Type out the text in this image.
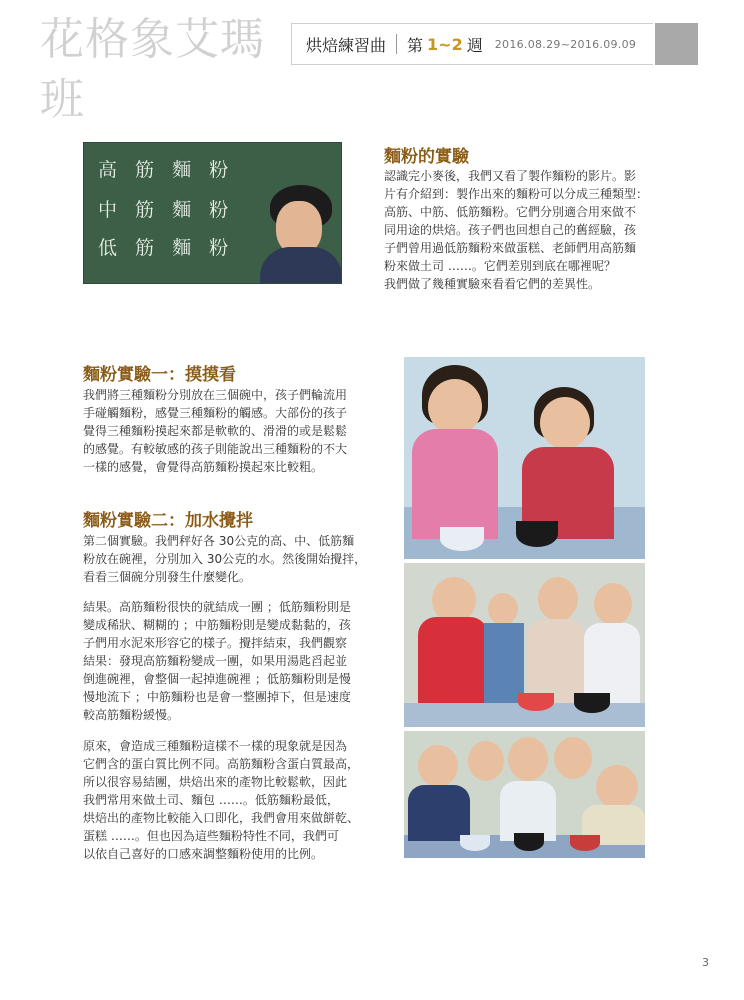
花格象艾瑪班
烘焙練習曲 第 1~2 週 2016.08.29~2016.09.09
高 筋 麵 粉
中 筋 麵 粉
低 筋 麵 粉
麵粉的實驗
認識完小麥後，我們又看了製作麵粉的影片。影
片有介紹到：製作出來的麵粉可以分成三種類型：
高筋、中筋、低筋麵粉。它們分別適合用來做不
同用途的烘焙。孩子們也回想自己的舊經驗，孩
子們曾用過低筋麵粉來做蛋糕、老師們用高筋麵
粉來做土司 ……。它們差別到底在哪裡呢？
我們做了幾種實驗來看看它們的差異性。
麵粉實驗一：摸摸看
我們將三種麵粉分別放在三個碗中，孩子們輪流用
手碰觸麵粉，感覺三種麵粉的觸感。大部份的孩子
覺得三種麵粉摸起來都是軟軟的、滑滑的或是鬆鬆
的感覺。有較敏感的孩子則能說出三種麵粉的不大
一樣的感覺，會覺得高筋麵粉摸起來比較粗。
麵粉實驗二：加水攪拌
第二個實驗。我們秤好各 30公克的高、中、低筋麵
粉放在碗裡，分別加入 30公克的水。然後開始攪拌，
看看三個碗分別發生什麼變化。
結果。高筋麵粉很快的就結成一團 ；低筋麵粉則是
變成稀狀、糊糊的 ；中筋麵粉則是變成黏黏的，孩
子們用水泥來形容它的樣子。攪拌結束，我們觀察
結果：發現高筋麵粉變成一團，如果用湯匙舀起並
倒進碗裡，會整個一起掉進碗裡 ；低筋麵粉則是慢
慢地流下 ；中筋麵粉也是會一整團掉下，但是速度
較高筋麵粉緩慢。
原來，會造成三種麵粉這樣不一樣的現象就是因為
它們含的蛋白質比例不同。高筋麵粉含蛋白質最高，
所以很容易結團，烘焙出來的產物比較鬆軟，因此
我們常用來做土司、麵包 ……。低筋麵粉最低，
烘焙出的產物比較能入口即化，我們會用來做餅乾、
蛋糕 ……。但也因為這些麵粉特性不同，我們可
以依自己喜好的口感來調整麵粉使用的比例。
3
